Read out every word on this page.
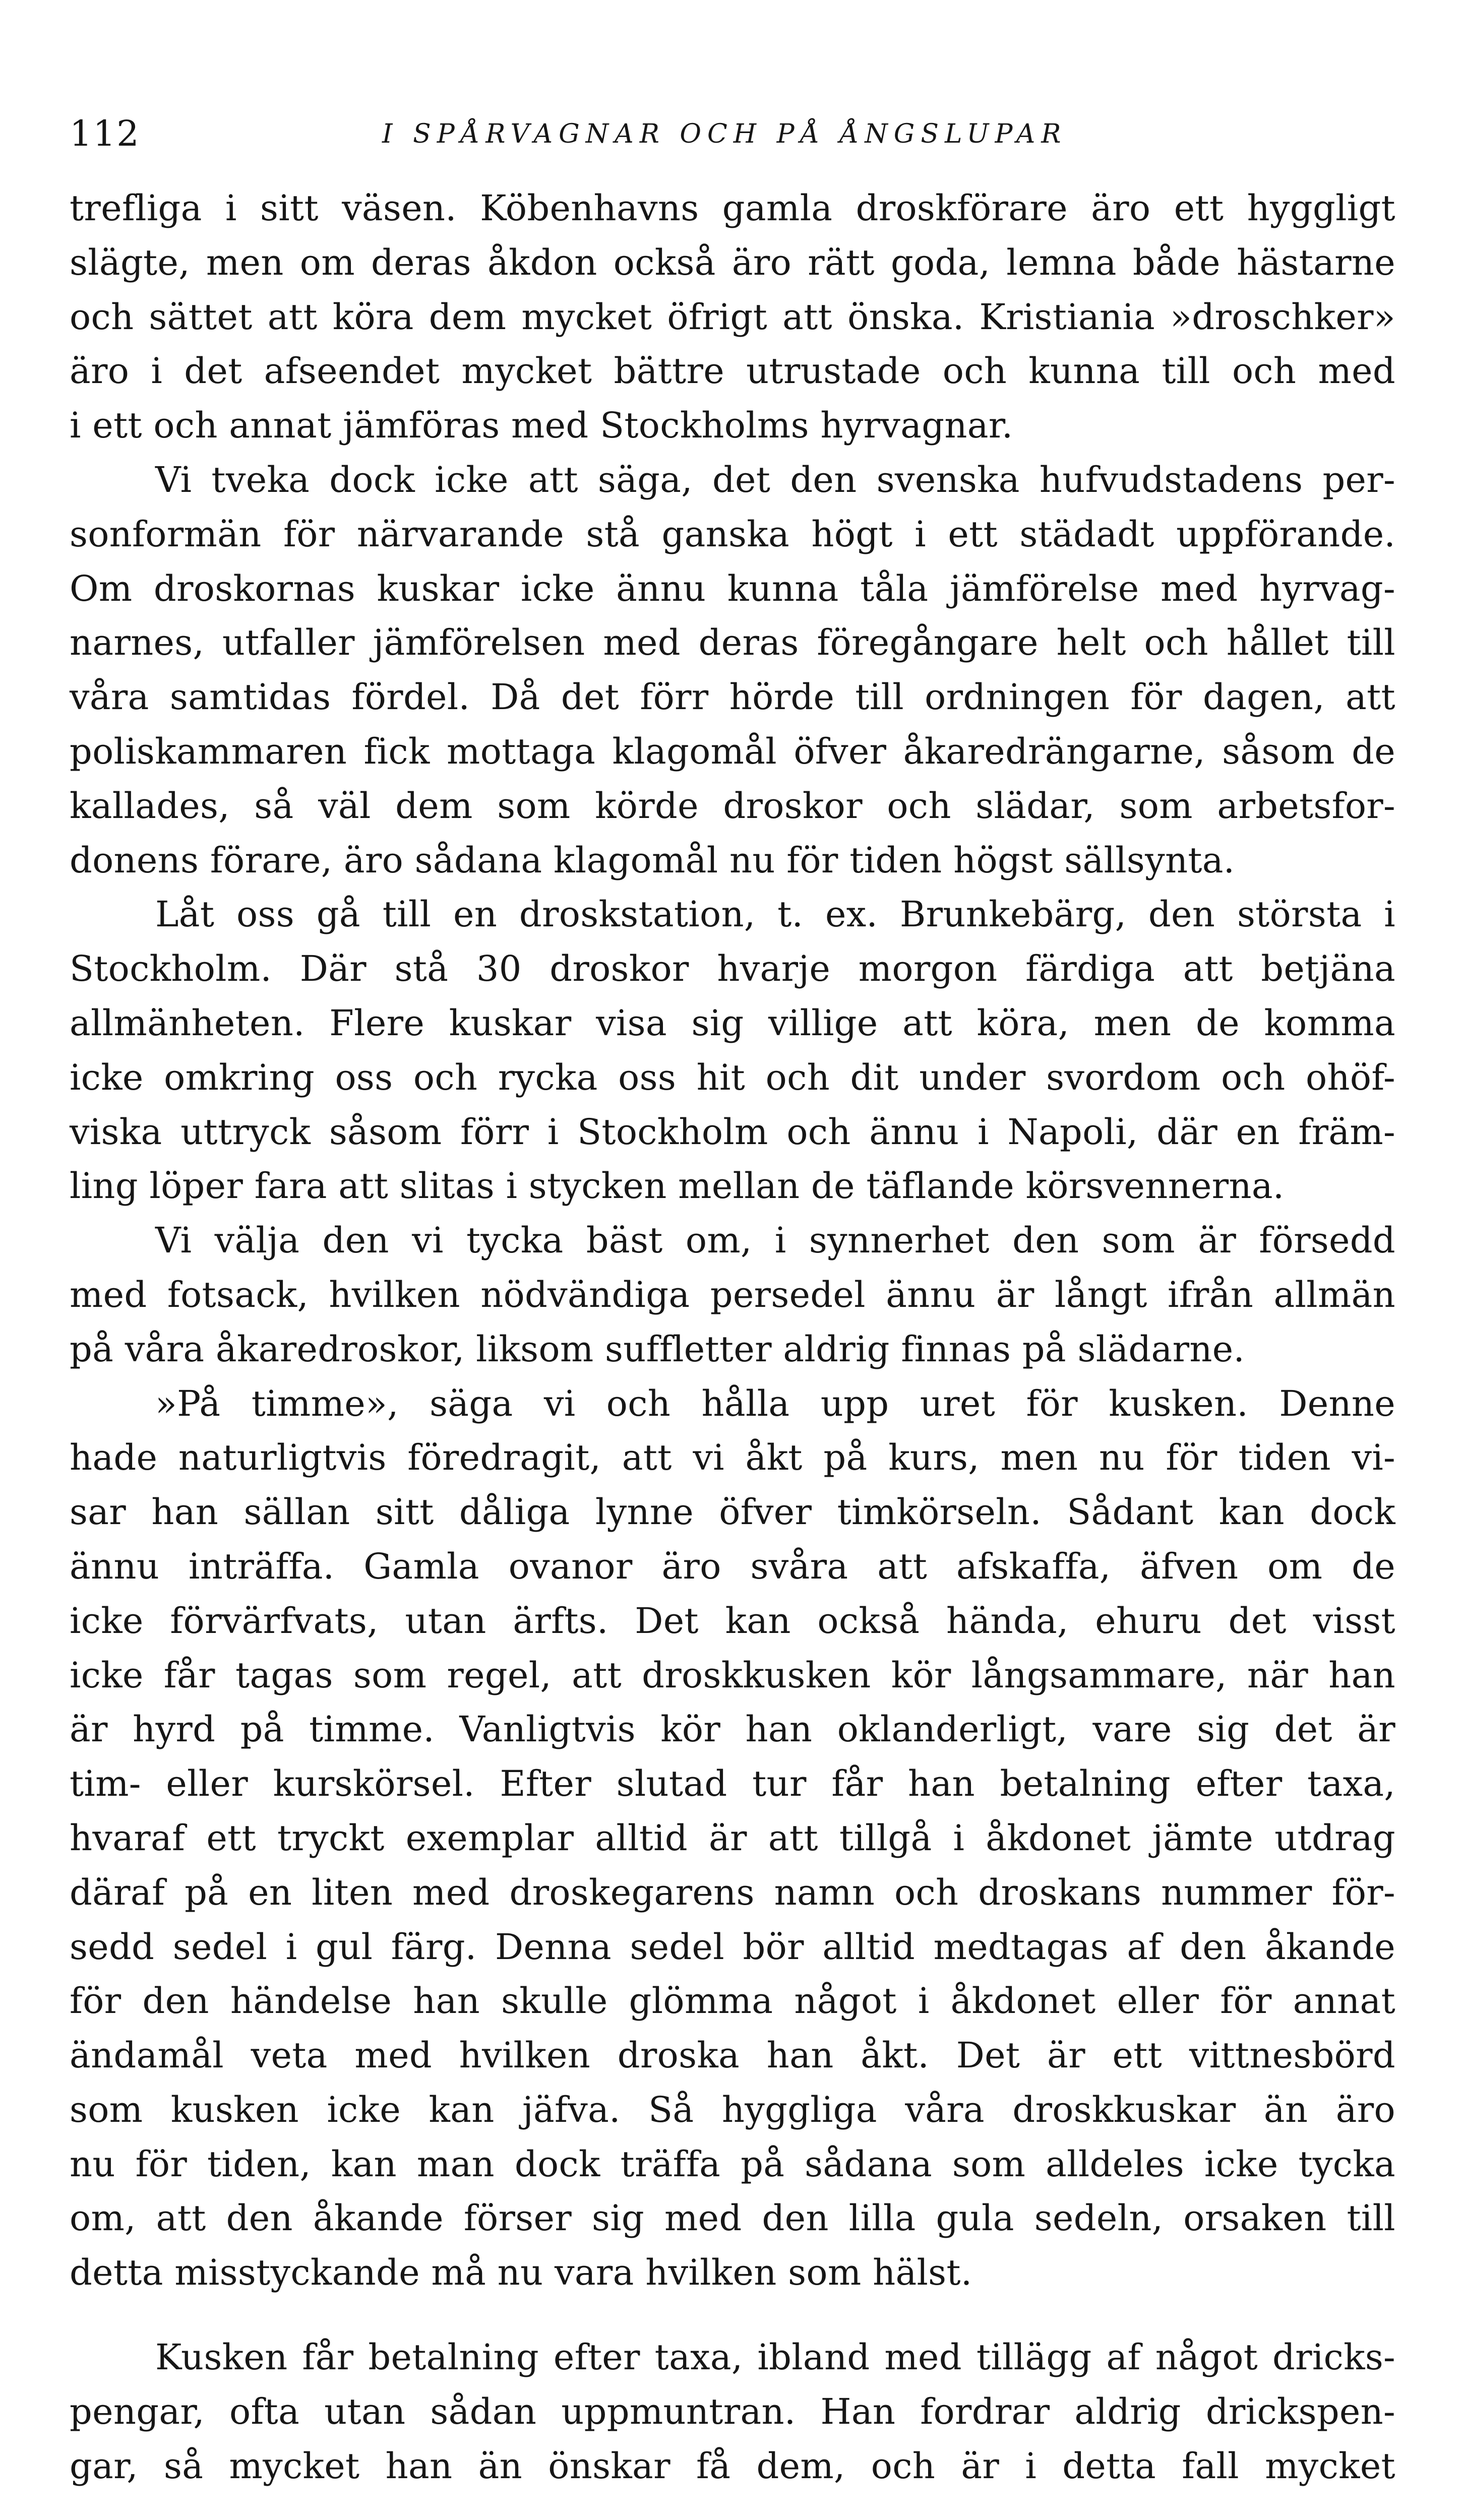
112	I SPÅRVAGNAR OCH PÅ ÅNGSLUPAR
trefliga i sitt väsen. Köbenhavns gamla droskförare äro ett hyggligt
slägte, men om deras åkdon också äro rätt goda, lemna både hästarne
och sättet att köra dem mycket öfrigt att önska. Kristiania »droschker»
äro i det afseendet mycket bättre utrustade och kunna till och med
i ett och annat jämföras med Stockholms hyrvagnar.
Vi tveka dock icke att säga, det den svenska hufvudstadens per-
sonformän för närvarande stå ganska högt i ett städadt uppförande.
Om droskornas kuskar icke ännu kunna tåla jämförelse med hyrvag-
narnes, utfaller jämförelsen med deras föregångare helt och hållet till
våra samtidas fördel. Då det förr hörde till ordningen för dagen, att
poliskammaren fick mottaga klagomål öfver åkaredrängarne, såsom de
kallades, så väl dem som körde droskor och slädar, som arbetsfor-
donens förare, äro sådana klagomål nu för tiden högst sällsynta.
Låt oss gå till en droskstation, t. ex. Brunkebärg, den största i
Stockholm. Där stå 30 droskor hvarje morgon färdiga att betjäna
allmänheten. Flere kuskar visa sig villige att köra, men de komma
icke omkring oss och rycka oss hit och dit under svordom och ohöf-
viska uttryck såsom förr i Stockholm och ännu i Napoli, där en främ-
ling löper fara att slitas i stycken mellan de täflande körsvennerna.
Vi välja den vi tycka bäst om, i synnerhet den som är försedd
med fotsack, hvilken nödvändiga persedel ännu är långt ifrån allmän
på våra åkaredroskor, liksom suffletter aldrig finnas på slädarne.
»På timme», säga vi och hålla upp uret för kusken. Denne
hade naturligtvis föredragit, att vi åkt på kurs, men nu för tiden vi-
sar han sällan sitt dåliga lynne öfver timkörseln. Sådant kan dock
ännu inträffa. Gamla ovanor äro svåra att afskaffa, äfven om de
icke förvärfvats, utan ärfts. Det kan också hända, ehuru det visst
icke får tagas som regel, att droskkusken kör långsammare, när han
är hyrd på timme. Vanligtvis kör han oklanderligt, vare sig det är
tim- eller kurskörsel. Efter slutad tur får han betalning efter taxa,
hvaraf ett tryckt exemplar alltid är att tillgå i åkdonet jämte utdrag
däraf på en liten med droskegarens namn och droskans nummer för-
sedd sedel i gul färg. Denna sedel bör alltid medtagas af den åkande
för den händelse han skulle glömma något i åkdonet eller för annat
ändamål veta med hvilken droska han åkt. Det är ett vittnesbörd
som kusken icke kan jäfva. Så hyggliga våra droskkuskar än äro
nu för tiden, kan man dock träffa på sådana som alldeles icke tycka
om, att den åkande förser sig med den lilla gula sedeln, orsaken till
detta misstyckande må nu vara hvilken som hälst.
Kusken får betalning efter taxa, ibland med tillägg af något dricks-
pengar, ofta utan sådan uppmuntran. Han fordrar aldrig drickspen-
gar, så mycket han än önskar få dem, och är i detta fall mycket
